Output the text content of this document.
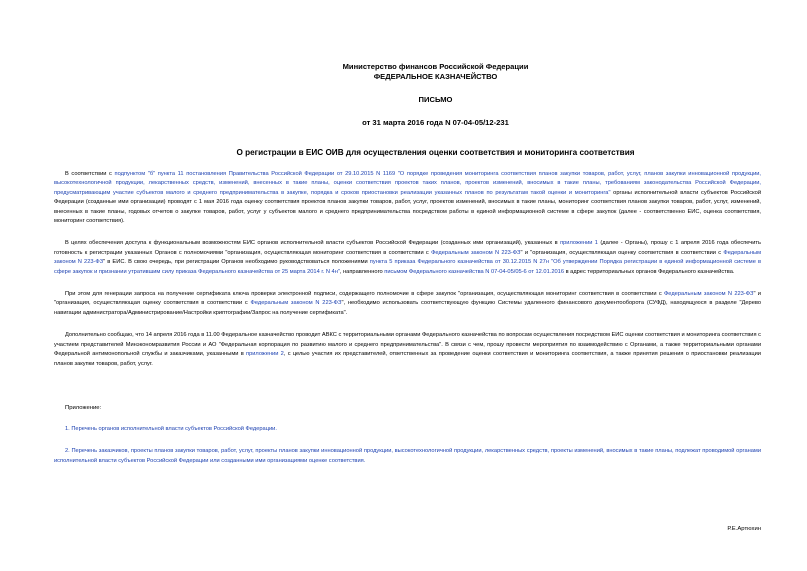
Министерство финансов Российской Федерации
ФЕДЕРАЛЬНОЕ КАЗНАЧЕЙСТВО

ПИСЬМО

от 31 марта 2016 года N 07-04-05/12-231

О регистрации в ЕИС ОИВ для осуществления оценки соответствия и мониторинга соответствия

В соответствии с подпунктом "б" пункта 11 постановления Правительства Российской Федерации от 29.10.2015 N 1169 "О порядке проведения мониторинга соответствия планов закупки товаров, работ, услуг, планов закупки инновационной продукции, высокотехнологичной продукции, лекарственных средств, изменений, внесенных в такие планы, оценки соответствия проектов таких планов, проектов изменений, вносимых в такие планы, требованиям законодательства Российской Федерации, предусматривающим участие субъектов малого и среднего предпринимательства в закупке, порядка и сроков приостановки реализации указанных планов по результатам такой оценки и мониторинга" органы исполнительной власти субъектов Российской Федерации (созданные ими организации) проводят с 1 мая 2016 года оценку соответствия проектов планов закупки товаров, работ, услуг, проектов изменений, вносимых в такие планы, мониторинг соответствия планов закупки товаров, работ, услуг, изменений, внесенных в такие планы, годовых отчетов о закупке товаров, работ, услуг у субъектов малого и среднего предпринимательства посредством работы в единой информационной системе в сфере закупок (далее - соответственно ЕИС, оценка соответствия, мониторинг соответствия).

В целях обеспечения доступа к функциональным возможностям ЕИС органов исполнительной власти субъектов Российской Федерации (созданных ими организаций), указанных в приложении 1 (далее - Органы), прошу с 1 апреля 2016 года обеспечить готовность к регистрации указанных Органов с полномочиями "организация, осуществляющая мониторинг соответствия в соответствии с Федеральным законом N 223-ФЗ" и "организация, осуществляющая оценку соответствия в соответствии с Федеральным законом N 223-ФЗ" в ЕИС. В свою очередь, при регистрации Органов необходимо руководствоваться положениями пункта 5 приказа Федерального казначейства от 30.12.2015 N 27н "Об утверждении Порядка регистрации в единой информационной системе в сфере закупок и признании утратившим силу приказа Федерального казначейства от 25 марта 2014 г. N 4н", направленного письмом Федерального казначейства N 07-04-05/05-6 от 12.01.2016 в адрес территориальных органов Федерального казначейства.

При этом для генерации запроса на получение сертификата ключа проверки электронной подписи, содержащего полномочие в сфере закупок "организация, осуществляющая мониторинг соответствия в соответствии с Федеральным законом N 223-ФЗ" и "организация, осуществляющая оценку соответствия в соответствии с Федеральным законом N 223-ФЗ", необходимо использовать соответствующую функцию Системы удаленного финансового документооборота (СУФД), находящуюся в разделе "Дерево навигации администратора/Администрирование/Настройки криптографии/Запрос на получение сертификата".

Дополнительно сообщаю, что 14 апреля 2016 года в 11.00 Федеральное казначейство проводит АВКС с территориальными органами Федерального казначейства по вопросам осуществления посредством ЕИС оценки соответствия и мониторинга соответствия с участием представителей Минэкономразвития России и АО "Федеральная корпорация по развитию малого и среднего предпринимательства". В связи с чем, прошу провести мероприятия по взаимодействию с Органами, а также территориальными органами Федеральной антимонопольной службы и заказчиками, указанными в приложении 2, с целью участия их представителей, ответственных за проведение оценки соответствия и мониторинга соответствия, а также принятия решения о приостановки реализации планов закупки товаров, работ, услуг.

Приложение:

1. Перечень органов исполнительной власти субъектов Российской Федерации.

2. Перечень заказчиков, проекты планов закупки товаров, работ, услуг, проекты планов закупки инновационной продукции, высокотехнологичной продукции, лекарственных средств, проекты изменений, вносимых в такие планы, подлежат проводимой органами исполнительной власти субъектов Российской Федерации или созданными ими организациями оценке соответствия.

Р.Е.Артюхин
